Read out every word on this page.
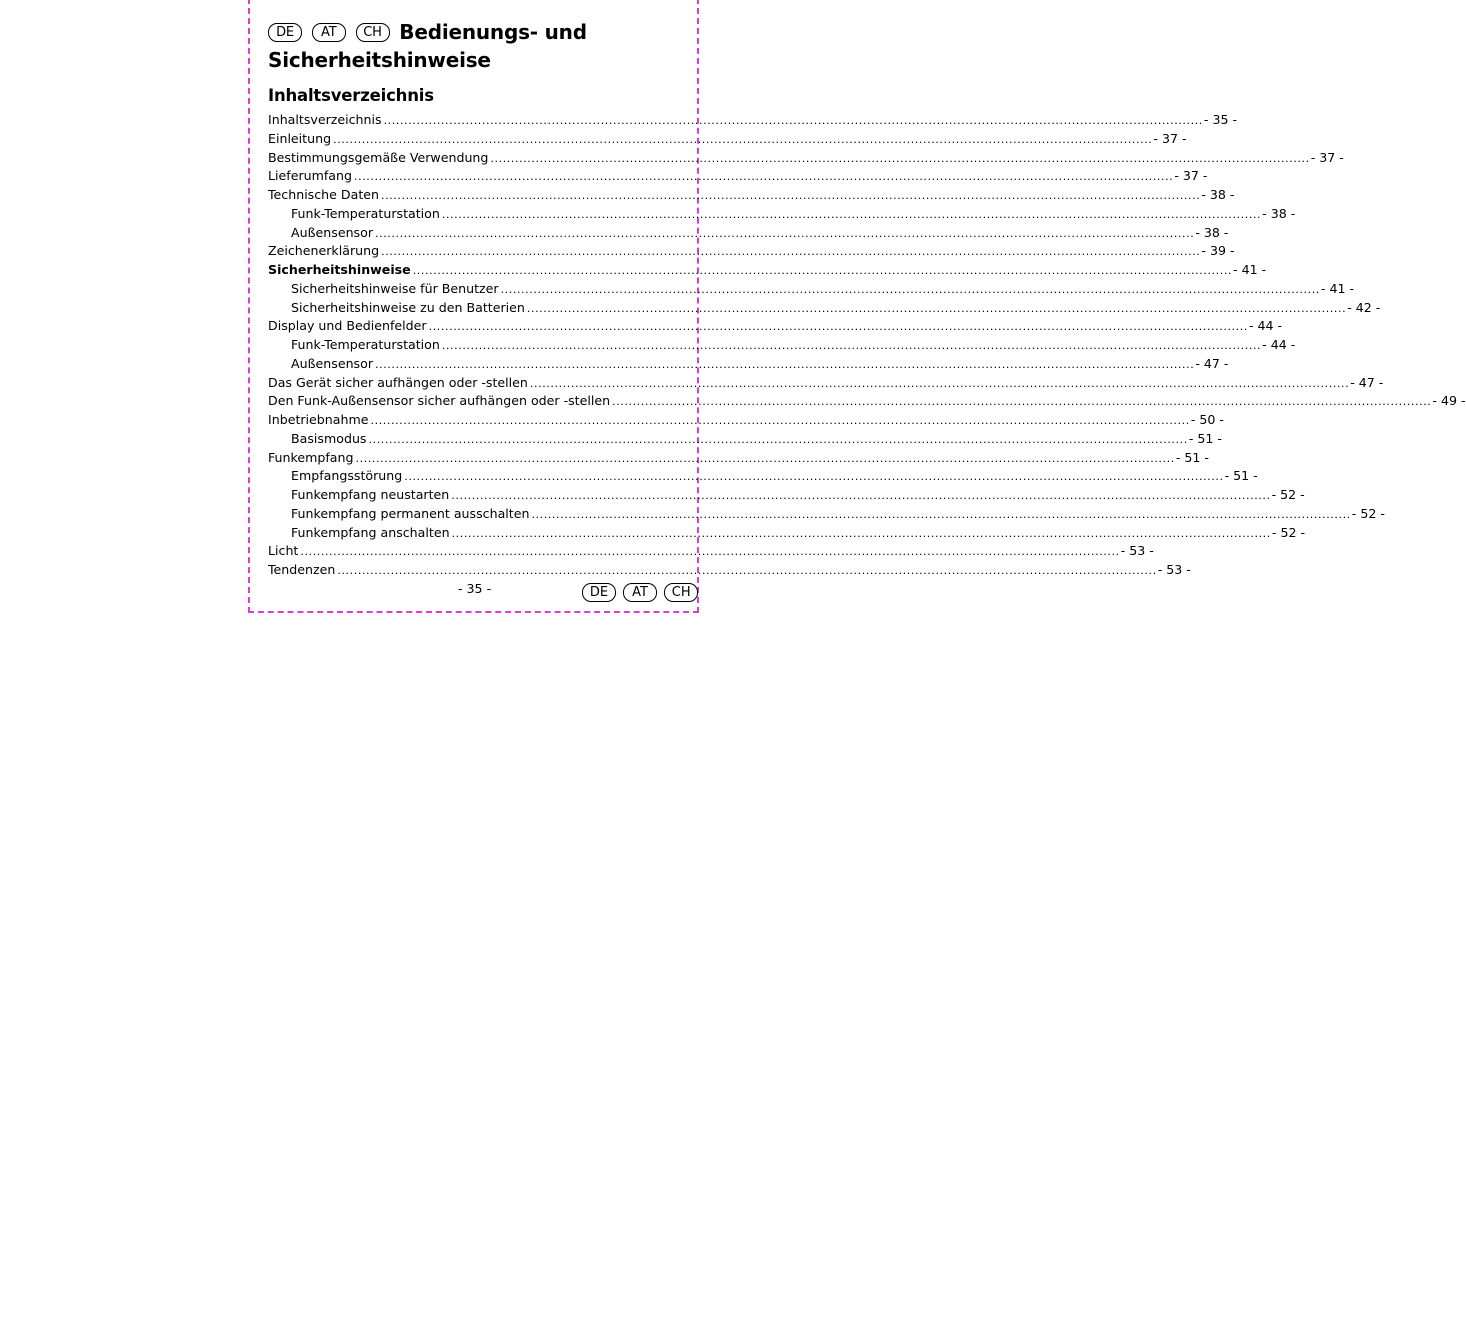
DE AT CH Bedienungs- und Sicherheitshinweise
Inhaltsverzeichnis
Inhaltsverzeichnis ........................................................................................................................................................................................................ - 35 -
Einleitung ........................................................................................................................................................................................................ - 37 -
Bestimmungsgemäße Verwendung ........................................................................................................................................................................................................ - 37 -
Lieferumfang ........................................................................................................................................................................................................ - 37 -
Technische Daten ........................................................................................................................................................................................................ - 38 -
Funk-Temperaturstation ........................................................................................................................................................................................................ - 38 -
Außensensor ........................................................................................................................................................................................................ - 38 -
Zeichenerklärung ........................................................................................................................................................................................................ - 39 -
Sicherheitshinweise ........................................................................................................................................................................................................ - 41 -
Sicherheitshinweise für Benutzer ........................................................................................................................................................................................................ - 41 -
Sicherheitshinweise zu den Batterien ........................................................................................................................................................................................................ - 42 -
Display und Bedienfelder ........................................................................................................................................................................................................ - 44 -
Funk-Temperaturstation ........................................................................................................................................................................................................ - 44 -
Außensensor ........................................................................................................................................................................................................ - 47 -
Das Gerät sicher aufhängen oder -stellen ........................................................................................................................................................................................................ - 47 -
Den Funk-Außensensor sicher aufhängen oder -stellen ........................................................................................................................................................................................................ - 49 -
Inbetriebnahme ........................................................................................................................................................................................................ - 50 -
Basismodus ........................................................................................................................................................................................................ - 51 -
Funkempfang ........................................................................................................................................................................................................ - 51 -
Empfangsstörung ........................................................................................................................................................................................................ - 51 -
Funkempfang neustarten ........................................................................................................................................................................................................ - 52 -
Funkempfang permanent ausschalten ........................................................................................................................................................................................................ - 52 -
Funkempfang anschalten ........................................................................................................................................................................................................ - 52 -
Licht ........................................................................................................................................................................................................ - 53 -
Tendenzen ........................................................................................................................................................................................................ - 53 -
- 35 -	DE AT CH
